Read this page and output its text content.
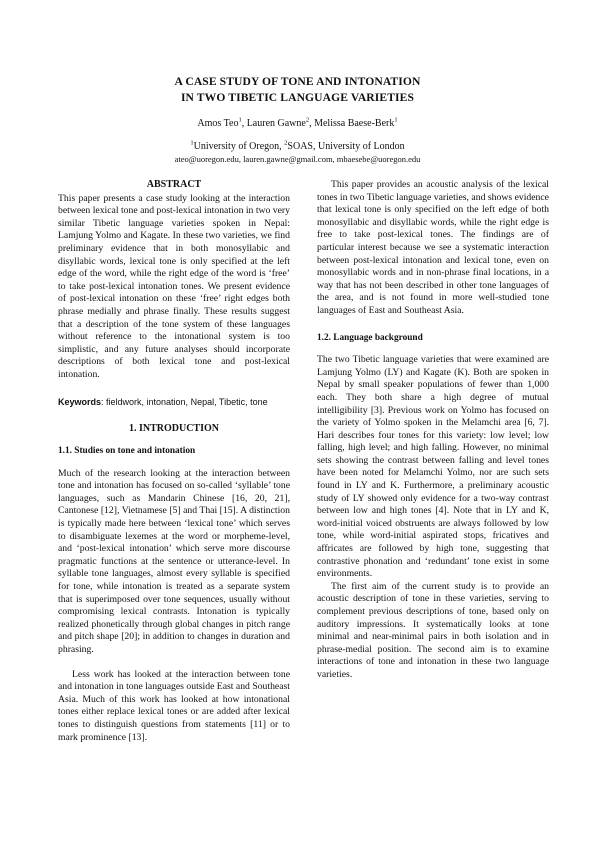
A CASE STUDY OF TONE AND INTONATION
IN TWO TIBETIC LANGUAGE VARIETIES
Amos Teo$^1$, Lauren Gawne$^2$, Melissa Baese-Berk$^1$
$^1$University of Oregon, $^2$SOAS, University of London
ateo@uoregon.edu, lauren.gawne@gmail.com, mbaesebe@uoregon.edu
ABSTRACT

This paper presents a case study looking at the interaction between lexical tone and post-lexical intonation in two very similar Tibetic language varieties spoken in Nepal: Lamjung Yolmo and Kagate. In these two varieties, we find preliminary evidence that in both monosyllabic and disyllabic words, lexical tone is only specified at the left edge of the word, while the right edge of the word is ‘free’ to take post-lexical intonation tones. We present evidence of post-lexical intonation on these ‘free’ right edges both phrase medially and phrase finally. These results suggest that a description of the tone system of these languages without reference to the intonational system is too simplistic, and any future analyses should incorporate descriptions of both lexical tone and post-lexical intonation.

Keywords: fieldwork, intonation, Nepal, Tibetic, tone

1. INTRODUCTION
1.1. Studies on tone and intonation

Much of the research looking at the interaction between tone and intonation has focused on so-called ‘syllable’ tone languages, such as Mandarin Chinese [16, 20, 21], Cantonese [12], Vietnamese [5] and Thai [15]. A distinction is typically made here between ‘lexical tone’ which serves to disambiguate lexemes at the word or morpheme-level, and ‘post-lexical intonation’ which serve more discourse pragmatic functions at the sentence or utterance-level. In syllable tone languages, almost every syllable is specified for tone, while intonation is treated as a separate system that is superimposed over tone sequences, usually without compromising lexical contrasts. Intonation is typically realized phonetically through global changes in pitch range and pitch shape [20]; in addition to changes in duration and phrasing.

Less work has looked at the interaction between tone and intonation in tone languages outside East and Southeast Asia. Much of this work has looked at how intonational tones either replace lexical tones or are added after lexical tones to distinguish questions from statements [11] or to mark prominence [13].

This paper provides an acoustic analysis of the lexical tones in two Tibetic language varieties, and shows evidence that lexical tone is only specified on the left edge of both monosyllabic and disyllabic words, while the right edge is free to take post-lexical tones. The findings are of particular interest because we see a systematic interaction between post-lexical intonation and lexical tone, even on monosyllabic words and in non-phrase final locations, in a way that has not been described in other tone languages of the area, and is not found in more well-studied tone languages of East and Southeast Asia.

1.2. Language background

The two Tibetic language varieties that were examined are Lamjung Yolmo (LY) and Kagate (K). Both are spoken in Nepal by small speaker populations of fewer than 1,000 each. They both share a high degree of mutual intelligibility [3]. Previous work on Yolmo has focused on the variety of Yolmo spoken in the Melamchi area [6, 7]. Hari describes four tones for this variety: low level; low falling, high level; and high falling. However, no minimal sets showing the contrast between falling and level tones have been noted for Melamchi Yolmo, nor are such sets found in LY and K. Furthermore, a preliminary acoustic study of LY showed only evidence for a two-way contrast between low and high tones [4]. Note that in LY and K, word-initial voiced obstruents are always followed by low tone, while word-initial aspirated stops, fricatives and affricates are followed by high tone, suggesting that contrastive phonation and ‘redundant’ tone exist in some environments.

The first aim of the current study is to provide an acoustic description of tone in these varieties, serving to complement previous descriptions of tone, based only on auditory impressions. It systematically looks at tone minimal and near-minimal pairs in both isolation and in phrase-medial position. The second aim is to examine interactions of tone and intonation in these two language varieties.
